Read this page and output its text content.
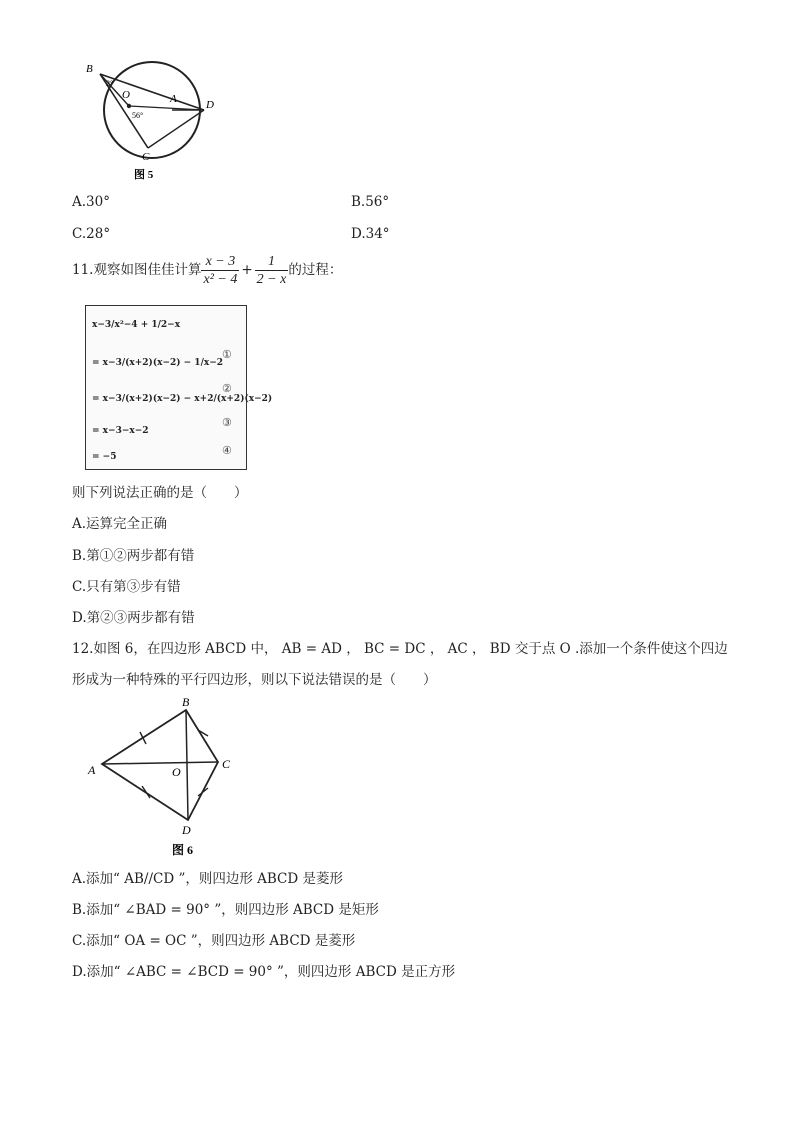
B
O	A	D
C
2°
56°
图 5
A.30°	B.56°
C.28°	D.34°
11.观察如图佳佳计算 $\frac{x - 3}{\text{x² − 4}} + \frac{1}{2 - x}$ 的过程：
x−3/x²−4 + 1/2−x
= x−3/(x+2)(x−2) − 1/x−2
= x−3/(x+2)(x−2) − x+2/(x+2)(x−2)
= x−3−x−2
= −5
①
②
③
④
则下列说法正确的是（　　）
A.运算完全正确
B.第①②两步都有错
C.只有第③步有错
D.第②③两步都有错
12.如图 6，在四边形 ABCD 中， AB = AD ， BC = DC ， AC ， BD 交于点 O .添加一个条件使这个四边
形成为一种特殊的平行四边形，则以下说法错误的是（　　）
A
B
C
D
O
图 6
A.添加“ AB//CD ”，则四边形 ABCD 是菱形
B.添加“ ∠BAD = 90° ”，则四边形 ABCD 是矩形
C.添加“ OA = OC ”，则四边形 ABCD 是菱形
D.添加“ ∠ABC = ∠BCD = 90° ”，则四边形 ABCD 是正方形
